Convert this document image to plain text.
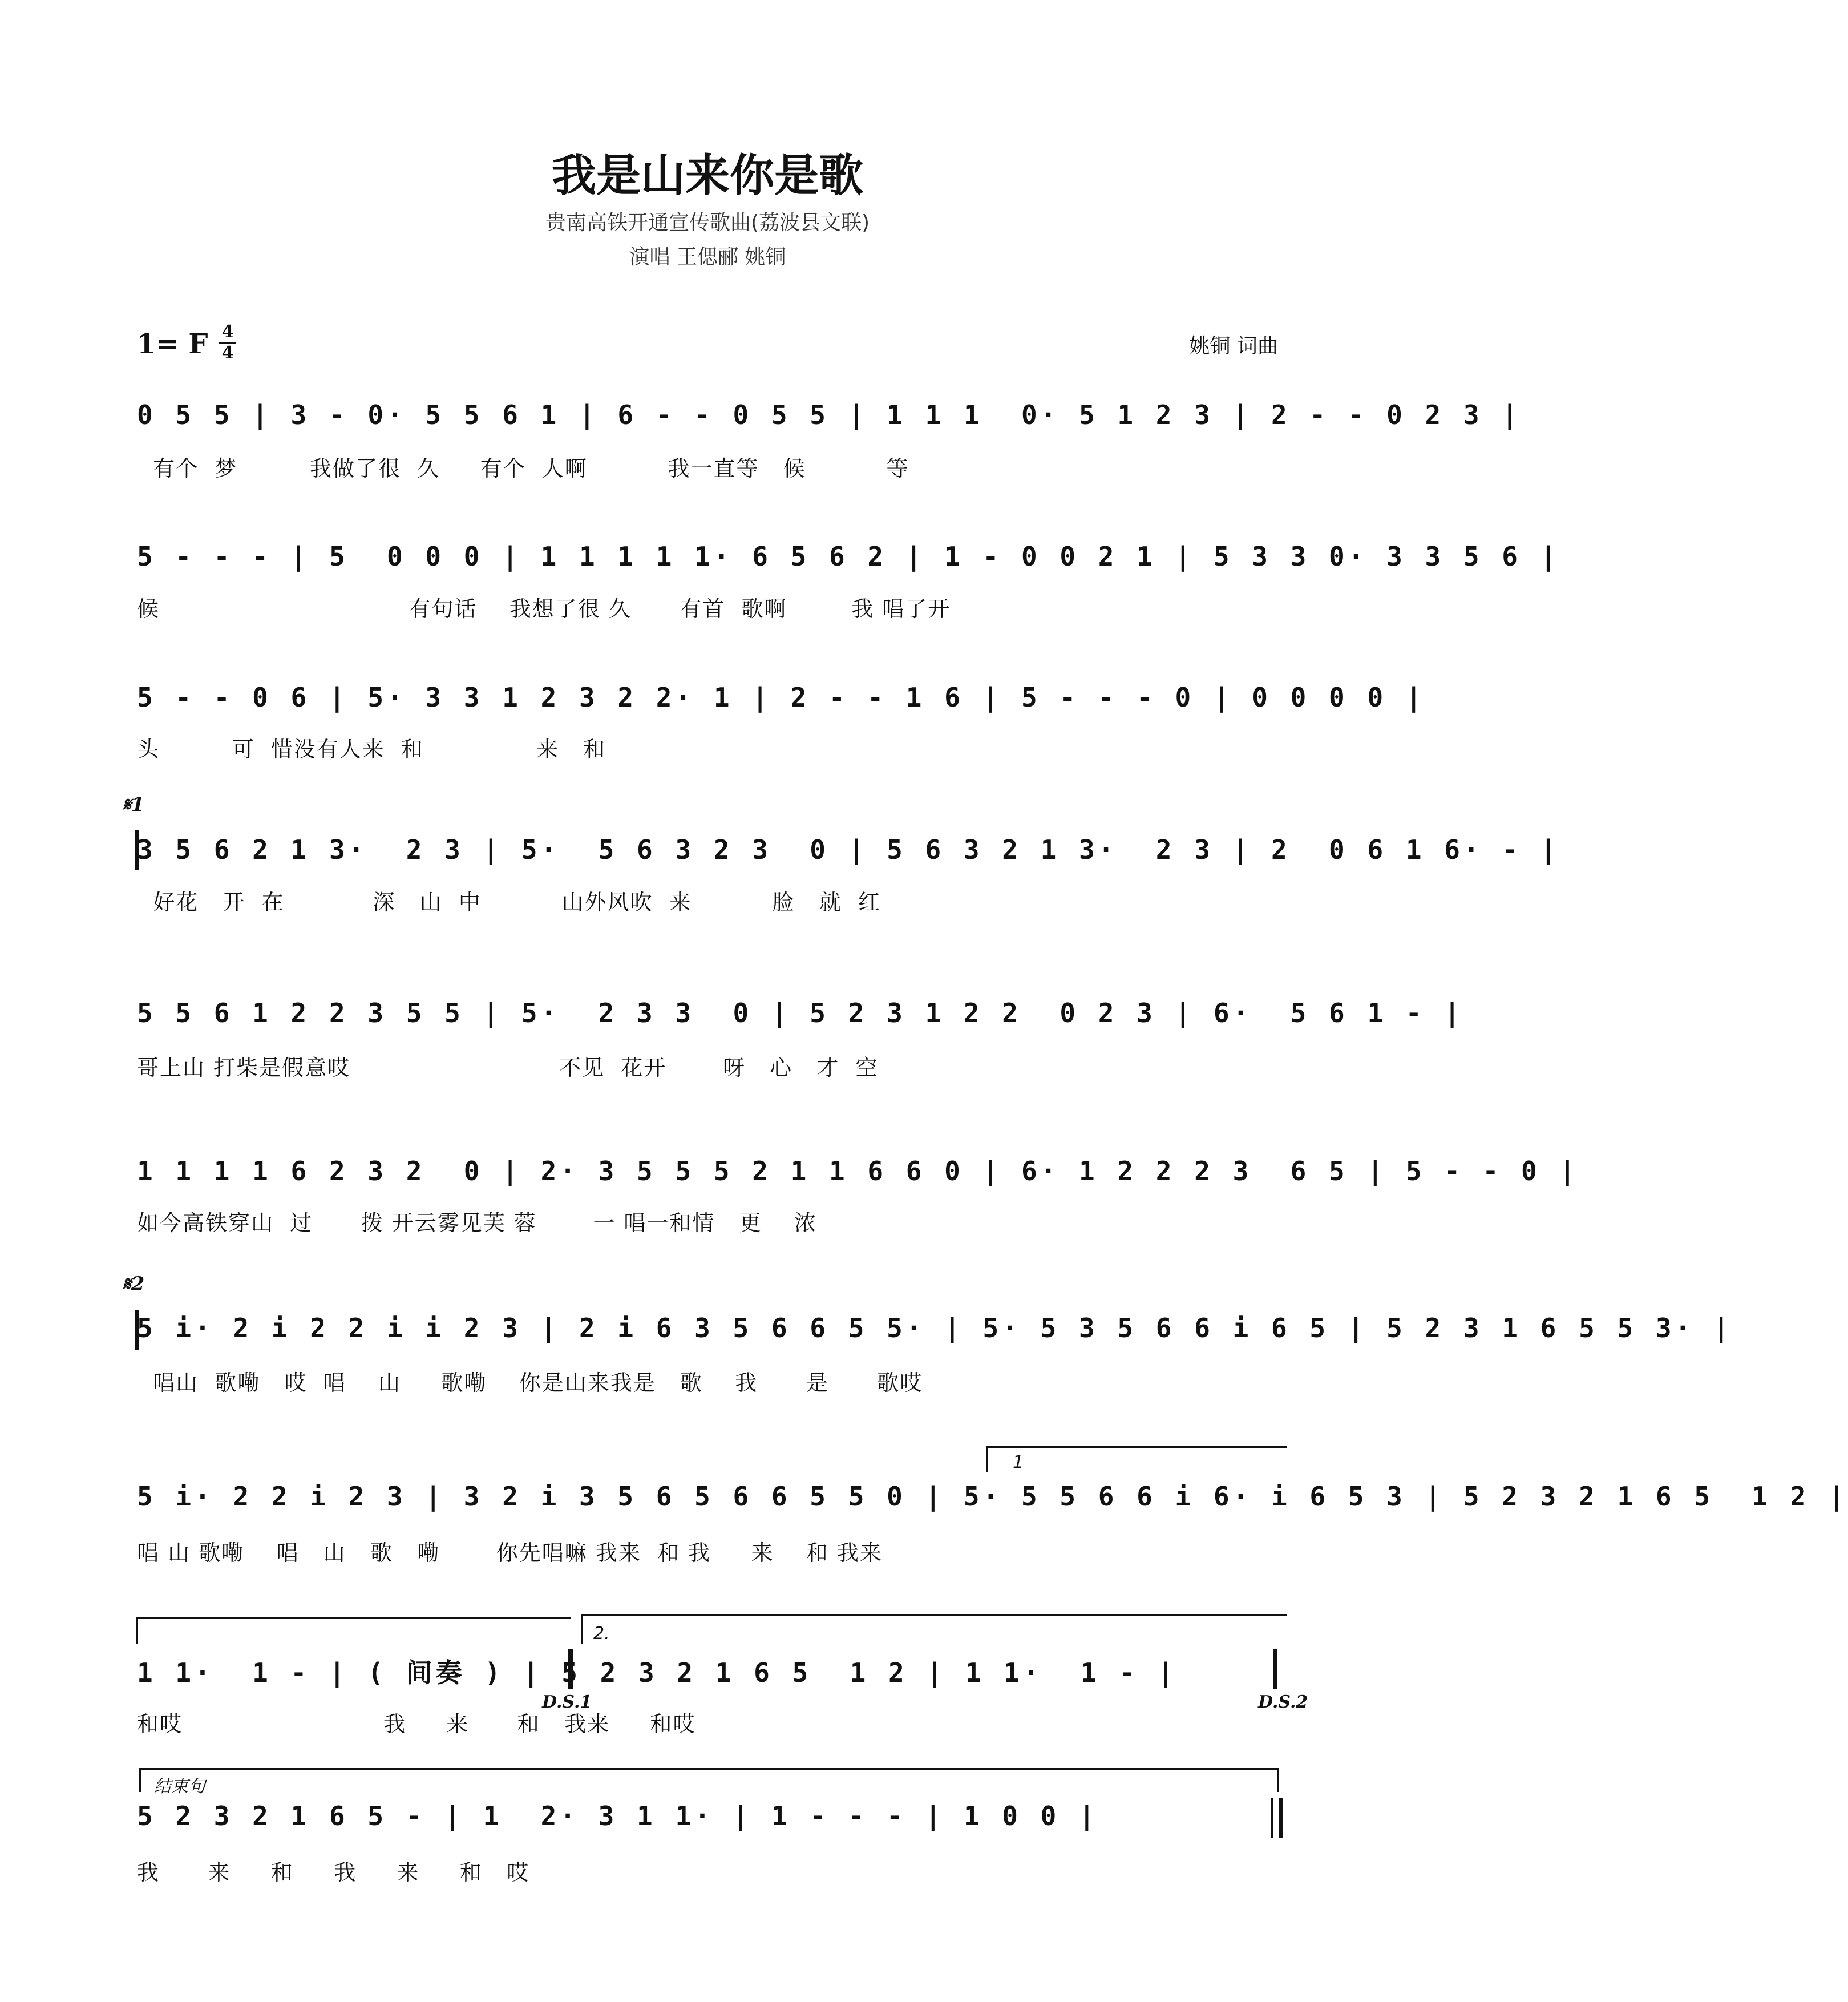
我是山来你是歌
贵南高铁开通宣传歌曲(荔波县文联)
演唱 王偲郦 姚铜
1= F 4
4	姚铜 词曲
0 5 5 | 3 - 0· 5 5 6 1 | 6 - - 0 5 5 | 1 1 1  0· 5 1 2 3 | 2 - - 0 2 3 |
有个  梦         我做了很  久     有个  人啊          我一直等   候          等
5 - - - | 5  0 0 0 | 1 1 1 1 1· 6 5 6 2 | 1 - 0 0 2 1 | 5 3 3 0· 3 3 5 6 |
候                               有句话    我想了很 久      有首  歌啊        我 唱了开
5 - - 0 6 | 5· 3 3 1 2 3 2 2· 1 | 2 - - 1 6 | 5 - - - 0 | 0 0 0 0 |
头         可  惜没有人来  和              来   和
𝄋1
3 5 6 2 1 3·  2 3 | 5·  5 6 3 2 3  0 | 5 6 3 2 1 3·  2 3 | 2  0 6 1 6· - |
好花   开  在           深   山  中          山外风吹  来          脸   就  红
5 5 6 1 2 2 3 5 5 | 5·  2 3 3  0 | 5 2 3 1 2 2  0 2 3 | 6·  5 6 1 - |
哥上山 打柴是假意哎                          不见  花开       呀   心   才  空
1 1 1 1 6 2 3 2  0 | 2· 3 5 5 5 2 1 1 6 6 0 | 6· 1 2 2 2 3  6 5 | 5 - - 0 |
如今高铁穿山  过      拨 开云雾见芙 蓉       一 唱一和情   更    浓
𝄋2
5 i· 2 i 2 2 i i 2 3 | 2 i 6 3 5 6 6 5 5· | 5· 5 3 5 6 6 i 6 5 | 5 2 3 1 6 5 5 3· |
唱山  歌嘞   哎  唱    山     歌嘞    你是山来我是   歌    我      是      歌哎
1
5 i· 2 2 i 2 3 | 3 2 i 3 5 6 5 6 6 5 5 0 | 5· 5 5 6 6 i 6· i 6 5 3 | 5 2 3 2 1 6 5  1 2 |
唱 山 歌嘞    唱   山   歌   嘞       你先唱嘛 我来  和 我     来    和 我来
2.
1 1·  1 - | ( 间奏 ) | 5 2 3 2 1 6 5  1 2 | 1 1·  1 - |
和哎                         我     来      和   我来     和哎
D.S.1	D.S.2
结束句
5 2 3 2 1 6 5 - | 1  2· 3 1 1· | 1 - - - | 1 0 0 |
我      来     和     我     来     和   哎
